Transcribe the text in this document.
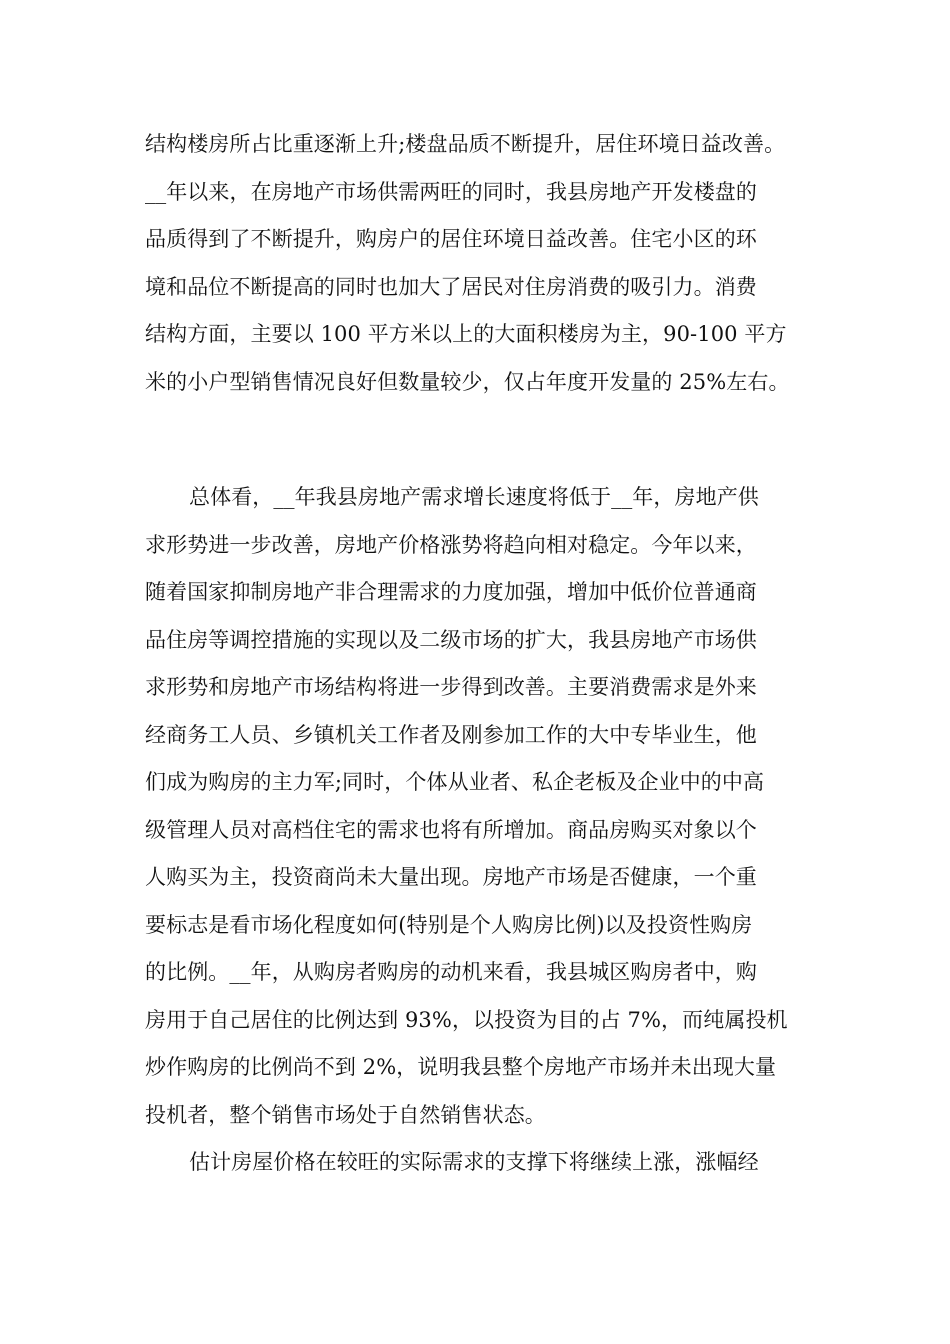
结构楼房所占比重逐渐上升;楼盘品质不断提升，居住环境日益改善。
__年以来，在房地产市场供需两旺的同时，我县房地产开发楼盘的
品质得到了不断提升，购房户的居住环境日益改善。住宅小区的环
境和品位不断提高的同时也加大了居民对住房消费的吸引力。消费
结构方面，主要以 100 平方米以上的大面积楼房为主，90-100 平方
米的小户型销售情况良好但数量较少，仅占年度开发量的 25%左右。
总体看，__年我县房地产需求增长速度将低于__年，房地产供
求形势进一步改善，房地产价格涨势将趋向相对稳定。今年以来，
随着国家抑制房地产非合理需求的力度加强，增加中低价位普通商
品住房等调控措施的实现以及二级市场的扩大，我县房地产市场供
求形势和房地产市场结构将进一步得到改善。主要消费需求是外来
经商务工人员、乡镇机关工作者及刚参加工作的大中专毕业生，他
们成为购房的主力军;同时，个体从业者、私企老板及企业中的中高
级管理人员对高档住宅的需求也将有所增加。商品房购买对象以个
人购买为主，投资商尚未大量出现。房地产市场是否健康，一个重
要标志是看市场化程度如何(特别是个人购房比例)以及投资性购房
的比例。__年，从购房者购房的动机来看，我县城区购房者中，购
房用于自己居住的比例达到 93%，以投资为目的占 7%，而纯属投机
炒作购房的比例尚不到 2%，说明我县整个房地产市场并未出现大量
投机者，整个销售市场处于自然销售状态。
估计房屋价格在较旺的实际需求的支撑下将继续上涨，涨幅经
